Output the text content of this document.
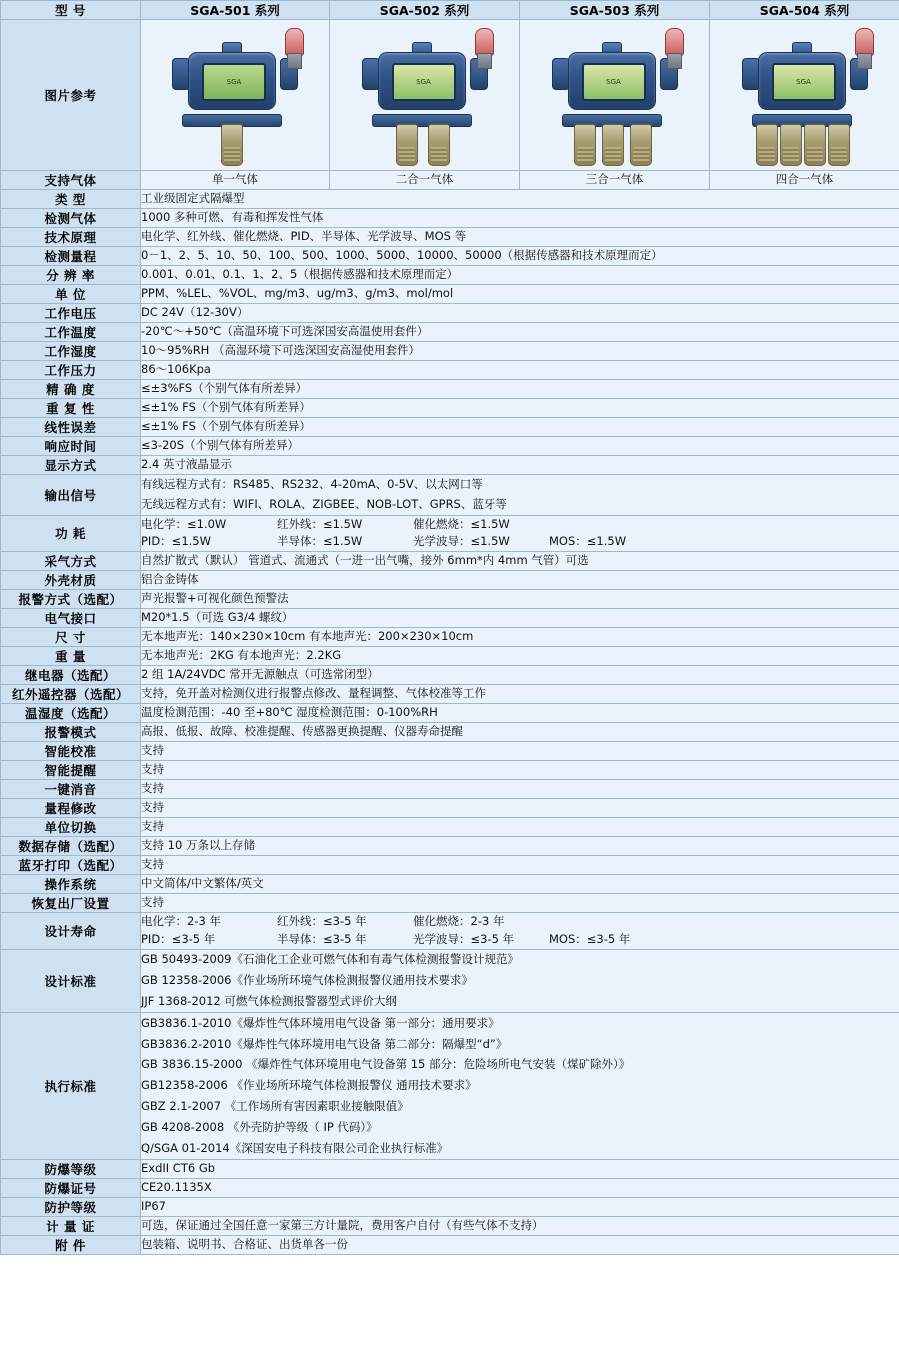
型 号	SGA-501 系列	SGA-502 系列	SGA-503 系列	SGA-504 系列
图片参考	SGA	SGA	SGA	SGA

支持气体	单一气体	二合一气体	三合一气体	四合一气体
类 型	工业级固定式隔爆型			
检测气体	1000 多种可燃、有毒和挥发性气体			
技术原理	电化学、红外线、催化燃烧、PID、半导体、光学波导、MOS 等			
检测量程	0－1、2、5、10、50、100、500、1000、5000、10000、50000（根据传感器和技术原理而定）			
分 辨 率	0.001、0.01、0.1、1、2、5（根据传感器和技术原理而定）			
单 位	PPM、%LEL、%VOL、mg/m3、ug/m3、g/m3、mol/mol			
工作电压	DC 24V（12-30V）			
工作温度	-20℃～+50℃（高温环境下可选深国安高温使用套件）			
工作湿度	10～95%RH （高湿环境下可选深国安高湿使用套件）			
工作压力	86～106Kpa			
精 确 度	≤±3%FS（个别气体有所差异）			
重 复 性	≤±1% FS（个别气体有所差异）			
线性误差	≤±1% FS（个别气体有所差异）			
响应时间	≤3-20S（个别气体有所差异）			
显示方式	2.4 英寸液晶显示			
输出信号	有线远程方式有：RS485、RS232、4-20mA、0-5V、以太网口等
无线远程方式有：WIFI、ROLA、ZIGBEE、NOB-LOT、GPRS、蓝牙等			

功 耗	
电化学：≤1.0W	红外线：≤1.5W	催化燃烧：≤1.5W
PID：≤1.5W	半导体：≤1.5W	光学波导：≤1.5W	MOS：≤1.5W

采气方式	自然扩散式（默认） 管道式、流通式（一进一出气嘴，接外 6mm*内 4mm 气管）可选			
外壳材质	铝合金铸体			
报警方式（选配）	声光报警+可视化颜色预警法			
电气接口	M20*1.5（可选 G3/4 螺纹）			
尺 寸	无本地声光：140×230×10cm 有本地声光：200×230×10cm			
重 量	无本地声光：2KG 有本地声光：2.2KG			
继电器（选配）	2 组 1A/24VDC 常开无源触点（可选常闭型）			
红外遥控器（选配）	支持，免开盖对检测仪进行报警点修改、量程调整、气体校准等工作			
温湿度（选配）	温度检测范围：-40 至+80℃ 湿度检测范围：0-100%RH			
报警模式	高报、低报、故障、校准提醒、传感器更换提醒、仪器寿命提醒			
智能校准	支持			
智能提醒	支持			
一键消音	支持			
量程修改	支持			
单位切换	支持			
数据存储（选配）	支持 10 万条以上存储			
蓝牙打印（选配）	支持			
操作系统	中文简体/中文繁体/英文			
恢复出厂设置	支持			
设计寿命	
电化学：2-3 年	红外线：≤3-5 年	催化燃烧：2-3 年
PID：≤3-5 年	半导体：≤3-5 年	光学波导：≤3-5 年	MOS：≤3-5 年

设计标准	GB 50493-2009《石油化工企业可燃气体和有毒气体检测报警设计规范》
GB 12358-2006《作业场所环境气体检测报警仪通用技术要求》
JJF 1368-2012 可燃气体检测报警器型式评价大纲			

执行标准	
GB3836.1-2010《爆炸性气体环境用电气设备 第一部分：通用要求》
GB3836.2-2010《爆炸性气体环境用电气设备 第二部分：隔爆型“d”》
GB 3836.15-2000 《爆炸性气体环境用电气设备第 15 部分：危险场所电气安装（煤矿除外）》
GB12358-2006 《作业场所环境气体检测报警仪 通用技术要求》
GBZ 2.1-2007 《工作场所有害因素职业接触限值》
GB 4208-2008 《外壳防护等级（ IP 代码）》
Q/SGA 01-2014《深国安电子科技有限公司企业执行标准》

防爆等级	ExdII CT6 Gb			
防爆证号	CE20.1135X			
防护等级	IP67			
计 量 证	可选，保证通过全国任意一家第三方计量院，费用客户自付（有些气体不支持）			
附 件	包装箱、说明书、合格证、出货单各一份			
